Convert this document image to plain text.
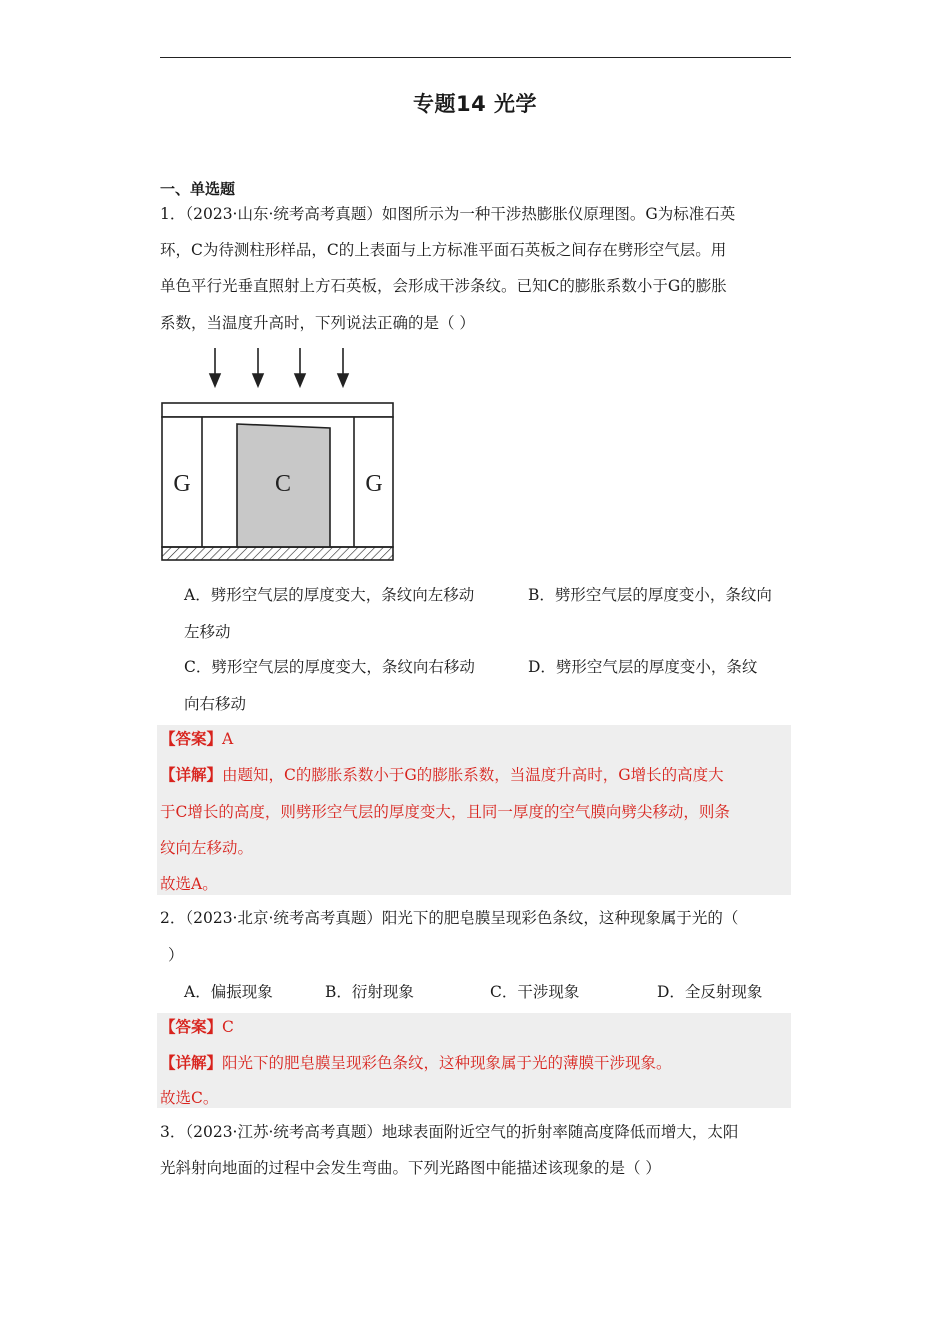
专题14 光学
一、单选题
1．（2023·山东·统考高考真题）如图所示为一种干涉热膨胀仪原理图。G为标准石英
环，C为待测柱形样品，C的上表面与上方标准平面石英板之间存在劈形空气层。用
单色平行光垂直照射上方石英板，会形成干涉条纹。已知C的膨胀系数小于G的膨胀
系数，当温度升高时，下列说法正确的是（ ）
G	C	G
A．劈形空气层的厚度变大，条纹向左移动	B．劈形空气层的厚度变小，条纹向
左移动
C．劈形空气层的厚度变大，条纹向右移动	D．劈形空气层的厚度变小，条纹
向右移动
【答案】A
【详解】由题知，C的膨胀系数小于G的膨胀系数，当温度升高时，G增长的高度大
于C增长的高度，则劈形空气层的厚度变大，且同一厚度的空气膜向劈尖移动，则条
纹向左移动。
故选A。
2．（2023·北京·统考高考真题）阳光下的肥皂膜呈现彩色条纹，这种现象属于光的（
）
A．偏振现象	B．衍射现象	C．干涉现象	D．全反射现象
【答案】C
【详解】阳光下的肥皂膜呈现彩色条纹，这种现象属于光的薄膜干涉现象。
故选C。
3．（2023·江苏·统考高考真题）地球表面附近空气的折射率随高度降低而增大，太阳
光斜射向地面的过程中会发生弯曲。下列光路图中能描述该现象的是（ ）
